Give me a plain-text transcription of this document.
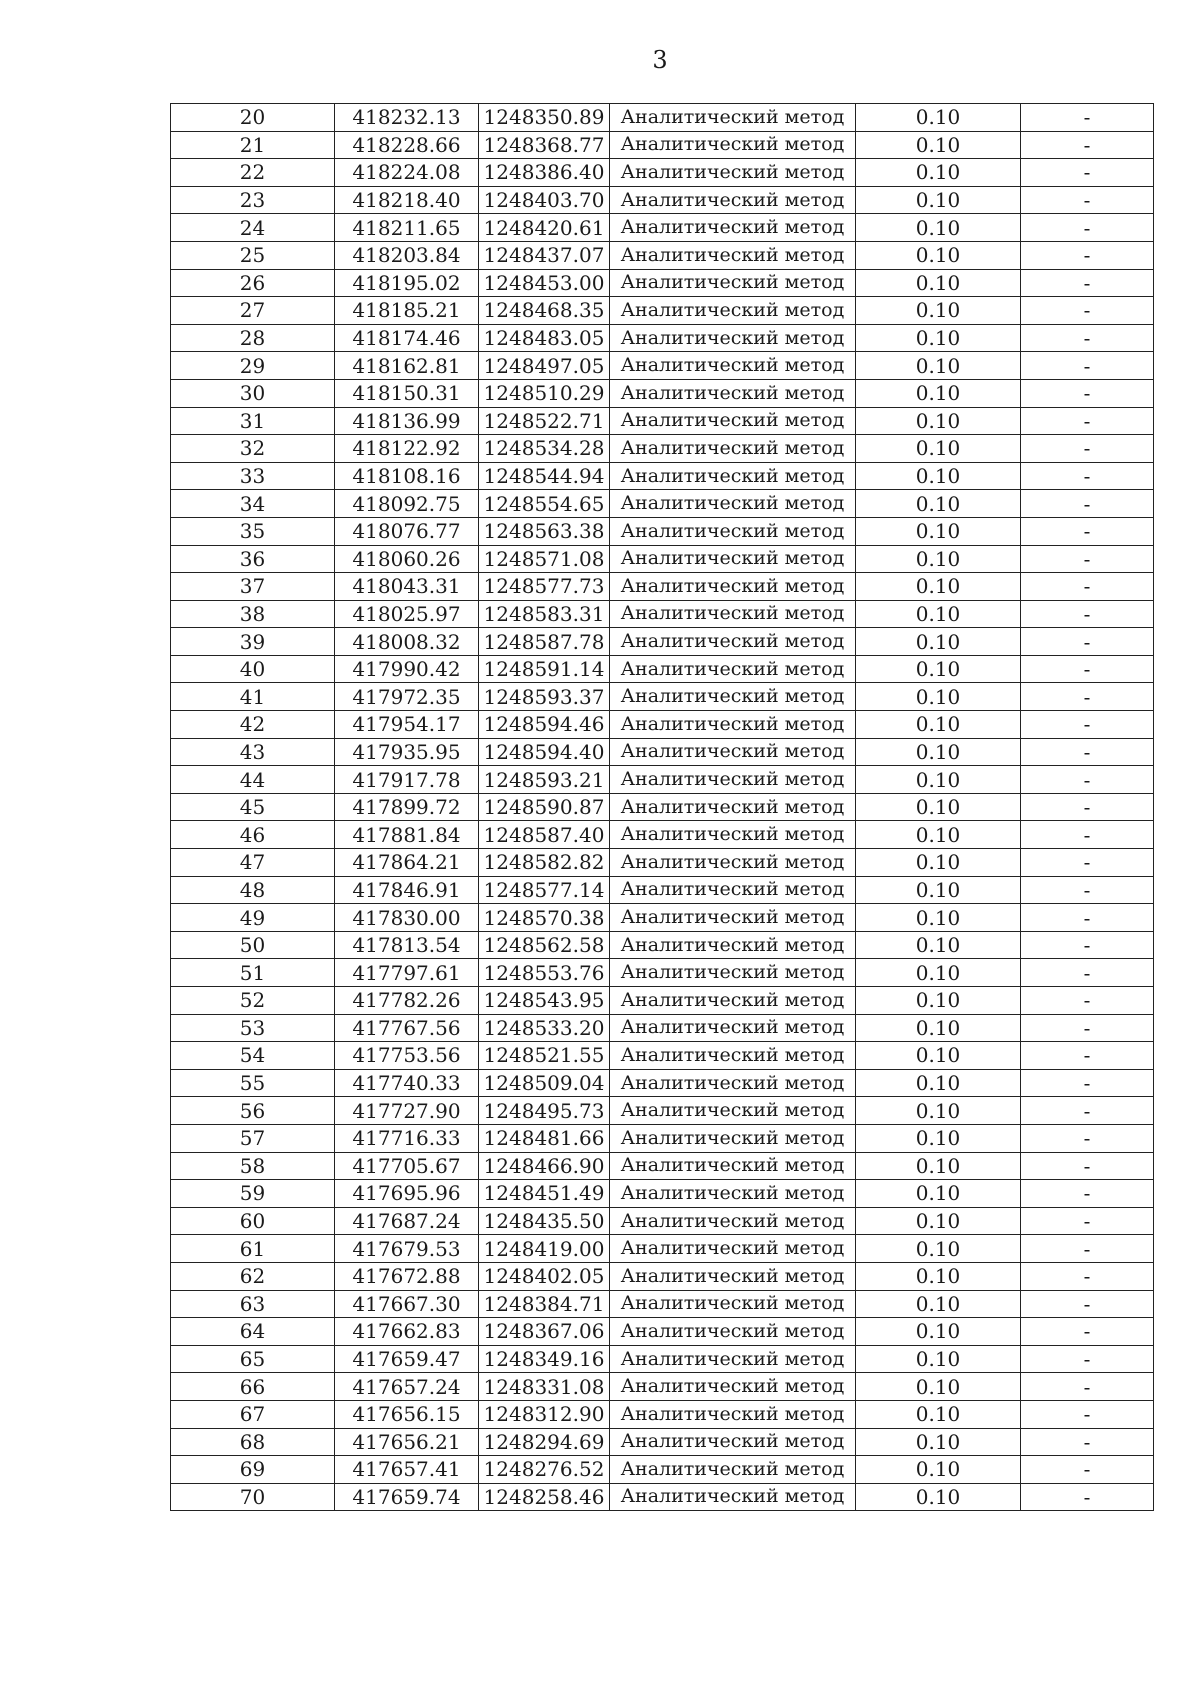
3
20	418232.13	1248350.89	Аналитический метод	0.10	-
21	418228.66	1248368.77	Аналитический метод	0.10	-
22	418224.08	1248386.40	Аналитический метод	0.10	-
23	418218.40	1248403.70	Аналитический метод	0.10	-
24	418211.65	1248420.61	Аналитический метод	0.10	-
25	418203.84	1248437.07	Аналитический метод	0.10	-
26	418195.02	1248453.00	Аналитический метод	0.10	-
27	418185.21	1248468.35	Аналитический метод	0.10	-
28	418174.46	1248483.05	Аналитический метод	0.10	-
29	418162.81	1248497.05	Аналитический метод	0.10	-
30	418150.31	1248510.29	Аналитический метод	0.10	-
31	418136.99	1248522.71	Аналитический метод	0.10	-
32	418122.92	1248534.28	Аналитический метод	0.10	-
33	418108.16	1248544.94	Аналитический метод	0.10	-
34	418092.75	1248554.65	Аналитический метод	0.10	-
35	418076.77	1248563.38	Аналитический метод	0.10	-
36	418060.26	1248571.08	Аналитический метод	0.10	-
37	418043.31	1248577.73	Аналитический метод	0.10	-
38	418025.97	1248583.31	Аналитический метод	0.10	-
39	418008.32	1248587.78	Аналитический метод	0.10	-
40	417990.42	1248591.14	Аналитический метод	0.10	-
41	417972.35	1248593.37	Аналитический метод	0.10	-
42	417954.17	1248594.46	Аналитический метод	0.10	-
43	417935.95	1248594.40	Аналитический метод	0.10	-
44	417917.78	1248593.21	Аналитический метод	0.10	-
45	417899.72	1248590.87	Аналитический метод	0.10	-
46	417881.84	1248587.40	Аналитический метод	0.10	-
47	417864.21	1248582.82	Аналитический метод	0.10	-
48	417846.91	1248577.14	Аналитический метод	0.10	-
49	417830.00	1248570.38	Аналитический метод	0.10	-
50	417813.54	1248562.58	Аналитический метод	0.10	-
51	417797.61	1248553.76	Аналитический метод	0.10	-
52	417782.26	1248543.95	Аналитический метод	0.10	-
53	417767.56	1248533.20	Аналитический метод	0.10	-
54	417753.56	1248521.55	Аналитический метод	0.10	-
55	417740.33	1248509.04	Аналитический метод	0.10	-
56	417727.90	1248495.73	Аналитический метод	0.10	-
57	417716.33	1248481.66	Аналитический метод	0.10	-
58	417705.67	1248466.90	Аналитический метод	0.10	-
59	417695.96	1248451.49	Аналитический метод	0.10	-
60	417687.24	1248435.50	Аналитический метод	0.10	-
61	417679.53	1248419.00	Аналитический метод	0.10	-
62	417672.88	1248402.05	Аналитический метод	0.10	-
63	417667.30	1248384.71	Аналитический метод	0.10	-
64	417662.83	1248367.06	Аналитический метод	0.10	-
65	417659.47	1248349.16	Аналитический метод	0.10	-
66	417657.24	1248331.08	Аналитический метод	0.10	-
67	417656.15	1248312.90	Аналитический метод	0.10	-
68	417656.21	1248294.69	Аналитический метод	0.10	-
69	417657.41	1248276.52	Аналитический метод	0.10	-
70	417659.74	1248258.46	Аналитический метод	0.10	-
